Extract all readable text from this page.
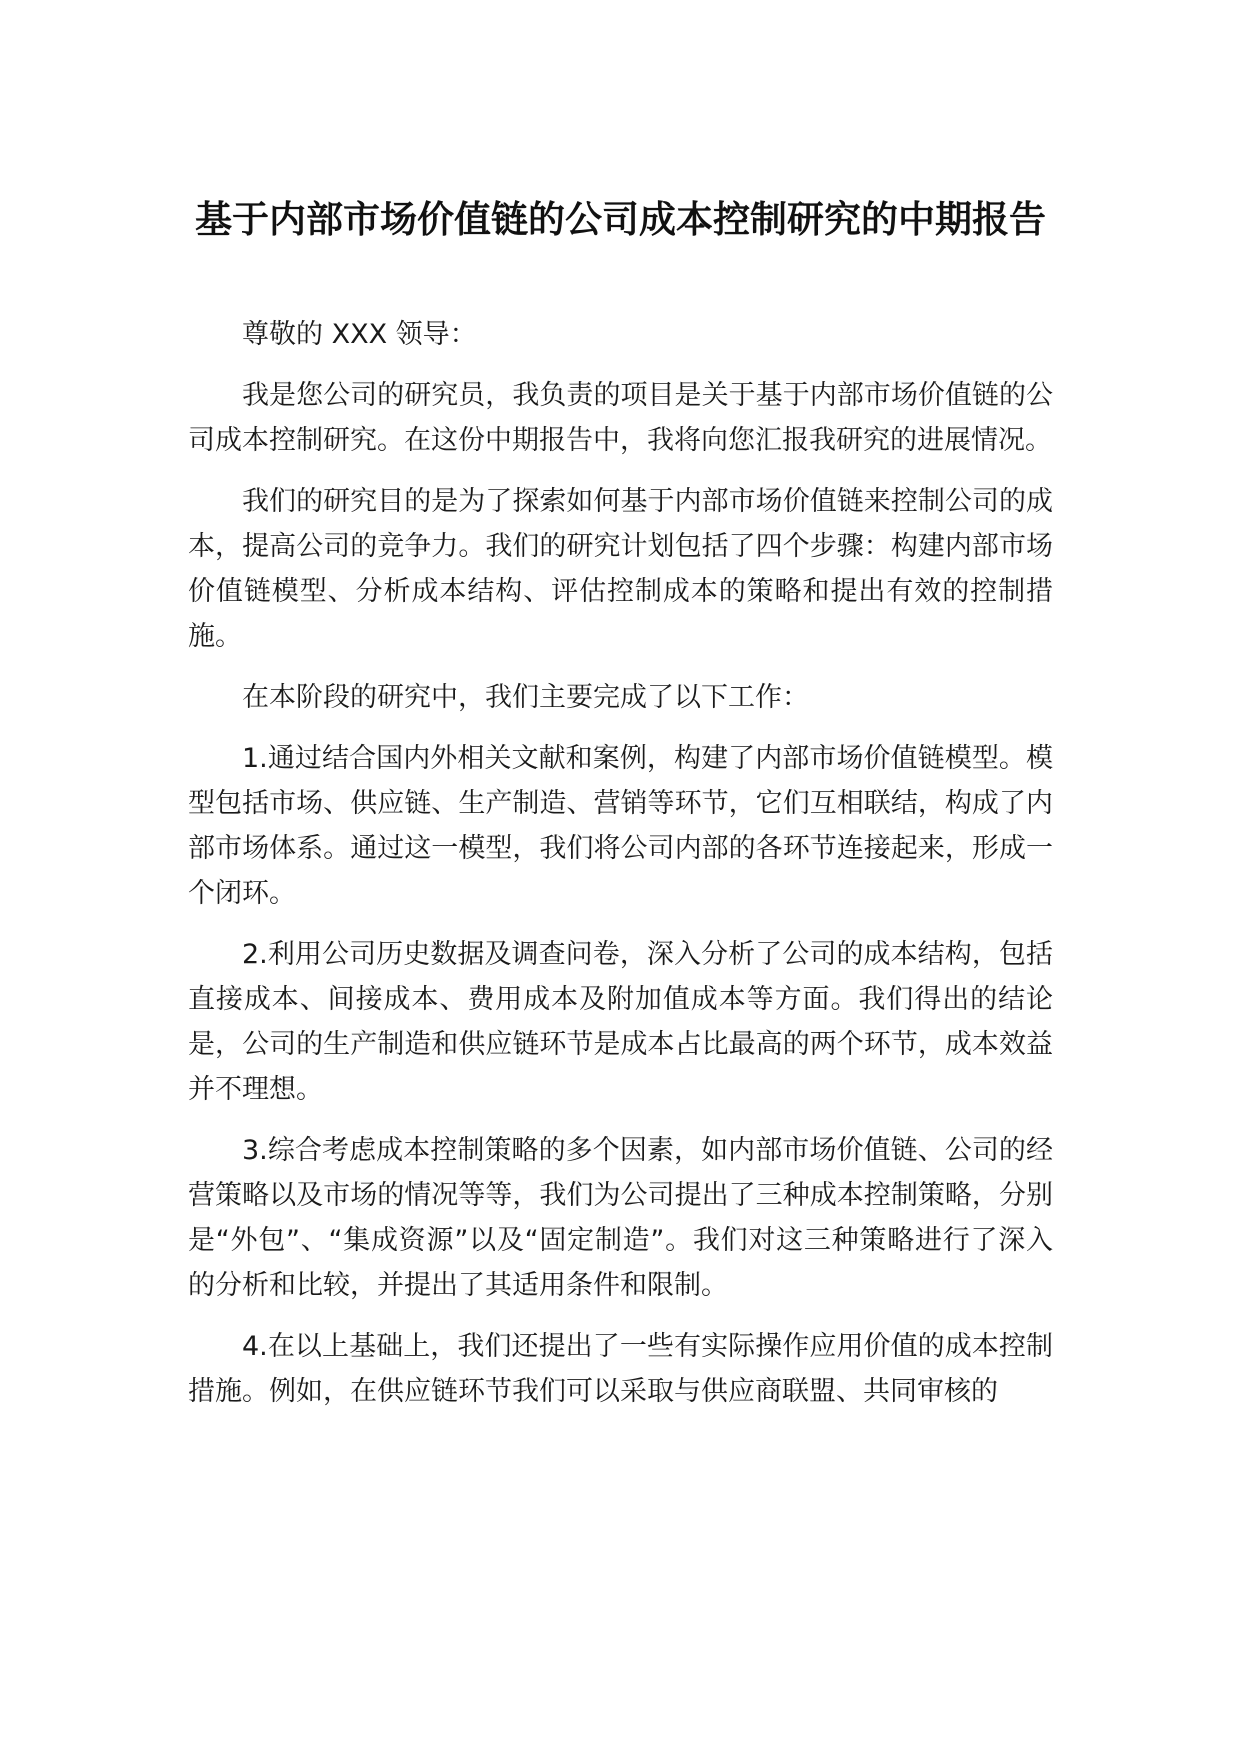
基于内部市场价值链的公司成本控制研究的中期报告

尊敬的 XXX 领导：

我是您公司的研究员，我负责的项目是关于基于内部市场价值链的公司成本控制研究。在这份中期报告中，我将向您汇报我研究的进展情况。

我们的研究目的是为了探索如何基于内部市场价值链来控制公司的成本，提高公司的竞争力。我们的研究计划包括了四个步骤：构建内部市场价值链模型、分析成本结构、评估控制成本的策略和提出有效的控制措施。

在本阶段的研究中，我们主要完成了以下工作：

1.通过结合国内外相关文献和案例，构建了内部市场价值链模型。模型包括市场、供应链、生产制造、营销等环节，它们互相联结，构成了内部市场体系。通过这一模型，我们将公司内部的各环节连接起来，形成一个闭环。

2.利用公司历史数据及调查问卷，深入分析了公司的成本结构，包括直接成本、间接成本、费用成本及附加值成本等方面。我们得出的结论是，公司的生产制造和供应链环节是成本占比最高的两个环节，成本效益并不理想。

3.综合考虑成本控制策略的多个因素，如内部市场价值链、公司的经营策略以及市场的情况等等，我们为公司提出了三种成本控制策略，分别是“外包”、“集成资源”以及“固定制造”。我们对这三种策略进行了深入的分析和比较，并提出了其适用条件和限制。

4.在以上基础上，我们还提出了一些有实际操作应用价值的成本控制措施。例如，在供应链环节我们可以采取与供应商联盟、共同审核的
